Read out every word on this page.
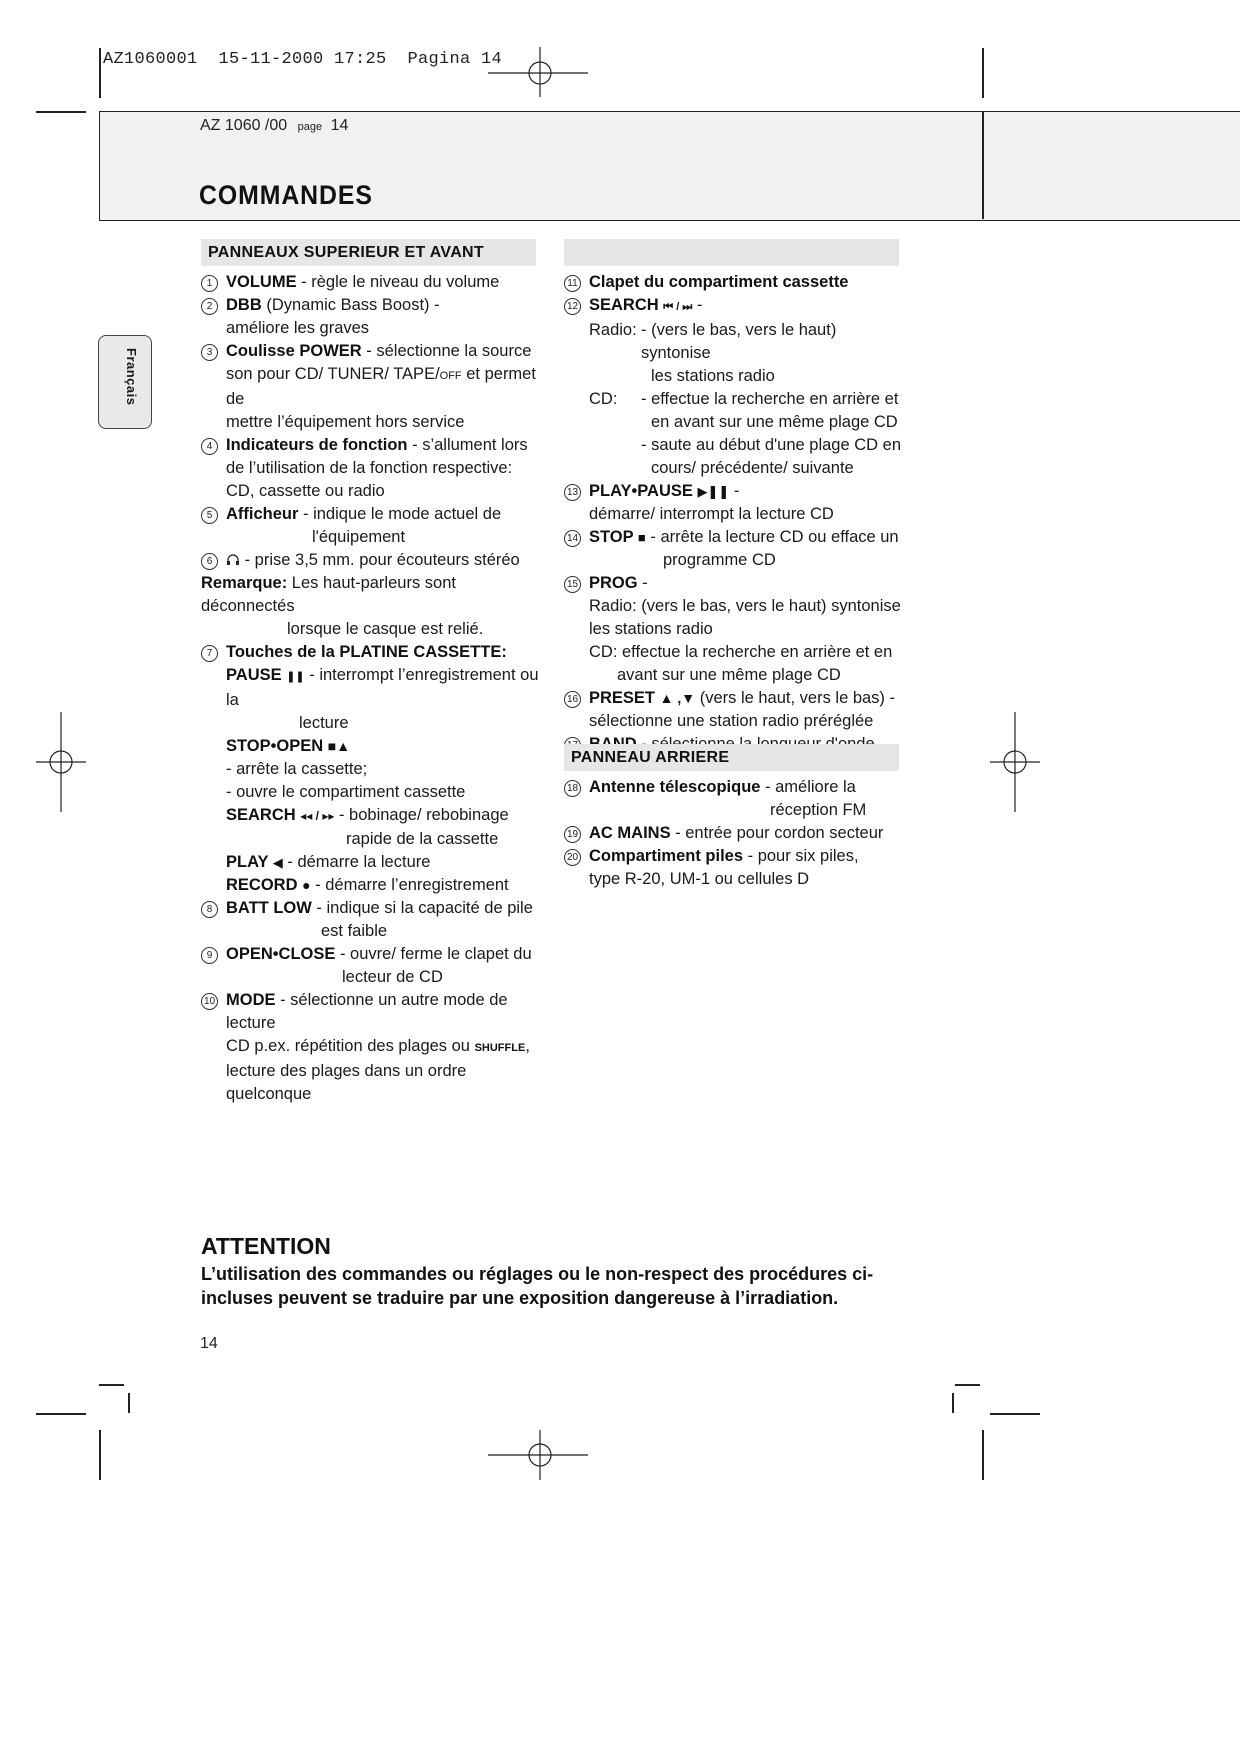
AZ1060001  15-11-2000 17:25  Pagina 14
AZ 1060 /00 page 14
COMMANDES
Français
PANNEAUX SUPERIEUR ET AVANT
1 VOLUME - règle le niveau du volume
2 DBB (Dynamic Bass Boost) -
améliore les graves
3 Coulisse POWER - sélectionne la source
son pour CD/ TUNER/ TAPE/OFF et permet de
mettre l’équipement hors service
4 Indicateurs de fonction - s’allument lors
de l’utilisation de la fonction respective:
CD, cassette ou radio
5 Afficheur - indique le mode actuel de
l'équipement
6	- prise 3,5 mm. pour écouteurs stéréo
Remarque: Les haut-parleurs sont déconnectés
lorsque le casque est relié.
7 Touches de la PLATINE CASSETTE:
PAUSE ❚❚ - interrompt l’enregistrement ou la
lecture
STOP•OPEN ■▲
- arrête la cassette;
- ouvre le compartiment cassette
SEARCH ◂◂ / ▸▸ - bobinage/ rebobinage
rapide de la cassette
PLAY ◀ - démarre la lecture
RECORD ● - démarre l’enregistrement
8 BATT LOW - indique si la capacité de pile
est faible
9 OPEN•CLOSE - ouvre/ ferme le clapet du
lecteur de CD
10 MODE - sélectionne un autre mode de lecture
CD p.ex. répétition des plages ou SHUFFLE,
lecture des plages dans un ordre quelconque
11 Clapet du compartiment cassette
12 SEARCH ⏮ / ⏭ -
Radio: - (vers le bas, vers le haut) syntonise
les stations radio
CD:	- effectue la recherche en arrière et
en avant sur une même plage CD
- saute au début d'une plage CD en
cours/ précédente/ suivante
13 PLAY•PAUSE ▶❚❚ -
démarre/ interrompt la lecture CD
14 STOP ■ - arrête la lecture CD ou efface un
programme CD
15 PROG -
Radio: (vers le bas, vers le haut) syntonise
les stations radio
CD: effectue la recherche en arrière et en
avant sur une même plage CD
16 PRESET ▲ ,▼ (vers le haut, vers le bas) -
sélectionne une station radio préréglée
PANNEAU ARRIERE
18 Antenne télescopique - améliore la
réception FM
19 AC MAINS - entrée pour cordon secteur
20 Compartiment piles - pour six piles,
type R-20, UM-1 ou cellules D
ATTENTION
L’utilisation des commandes ou réglages ou le non-respect des procédures ci-incluses peuvent se traduire par une exposition dangereuse à l’irradiation.
14
